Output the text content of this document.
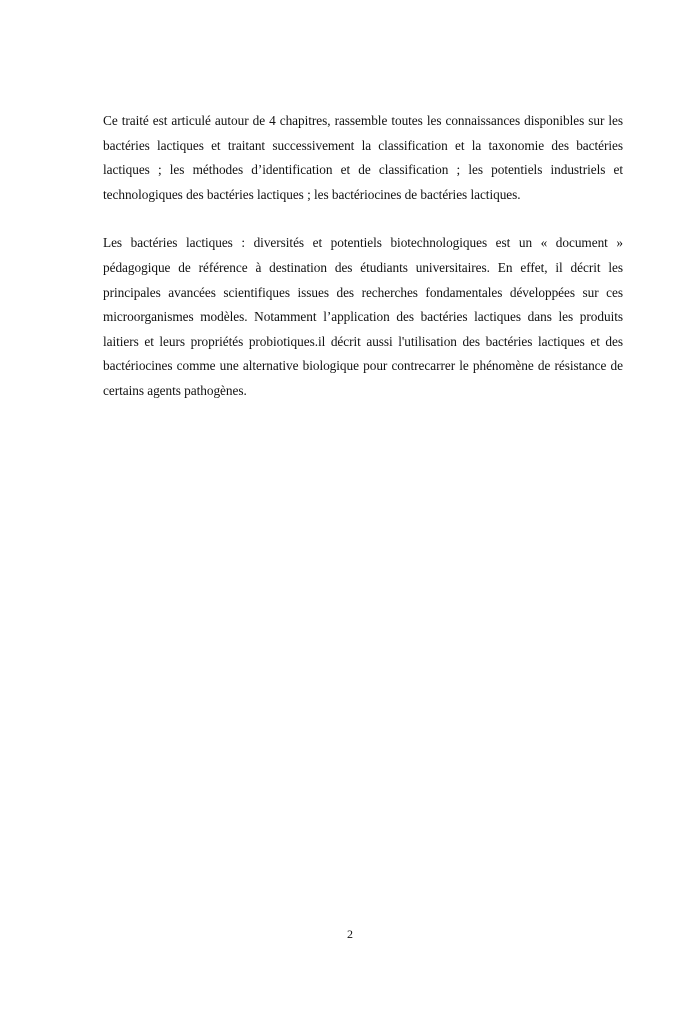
Ce traité est articulé autour de 4 chapitres, rassemble toutes les connaissances disponibles sur les bactéries lactiques et traitant successivement la classification et la taxonomie des bactéries lactiques ; les méthodes d’identification et de classification ; les potentiels industriels et technologiques des bactéries lactiques ; les bactériocines de bactéries lactiques.

Les bactéries lactiques : diversités et potentiels biotechnologiques est un « document » pédagogique de référence à destination des étudiants universitaires. En effet, il décrit les principales avancées scientifiques issues des recherches fondamentales développées sur ces microorganismes modèles. Notamment l’application des bactéries lactiques dans les produits laitiers et leurs propriétés probiotiques.il décrit aussi l'utilisation des bactéries lactiques et des bactériocines comme une alternative biologique pour contrecarrer le phénomène de résistance de certains agents pathogènes.

2
